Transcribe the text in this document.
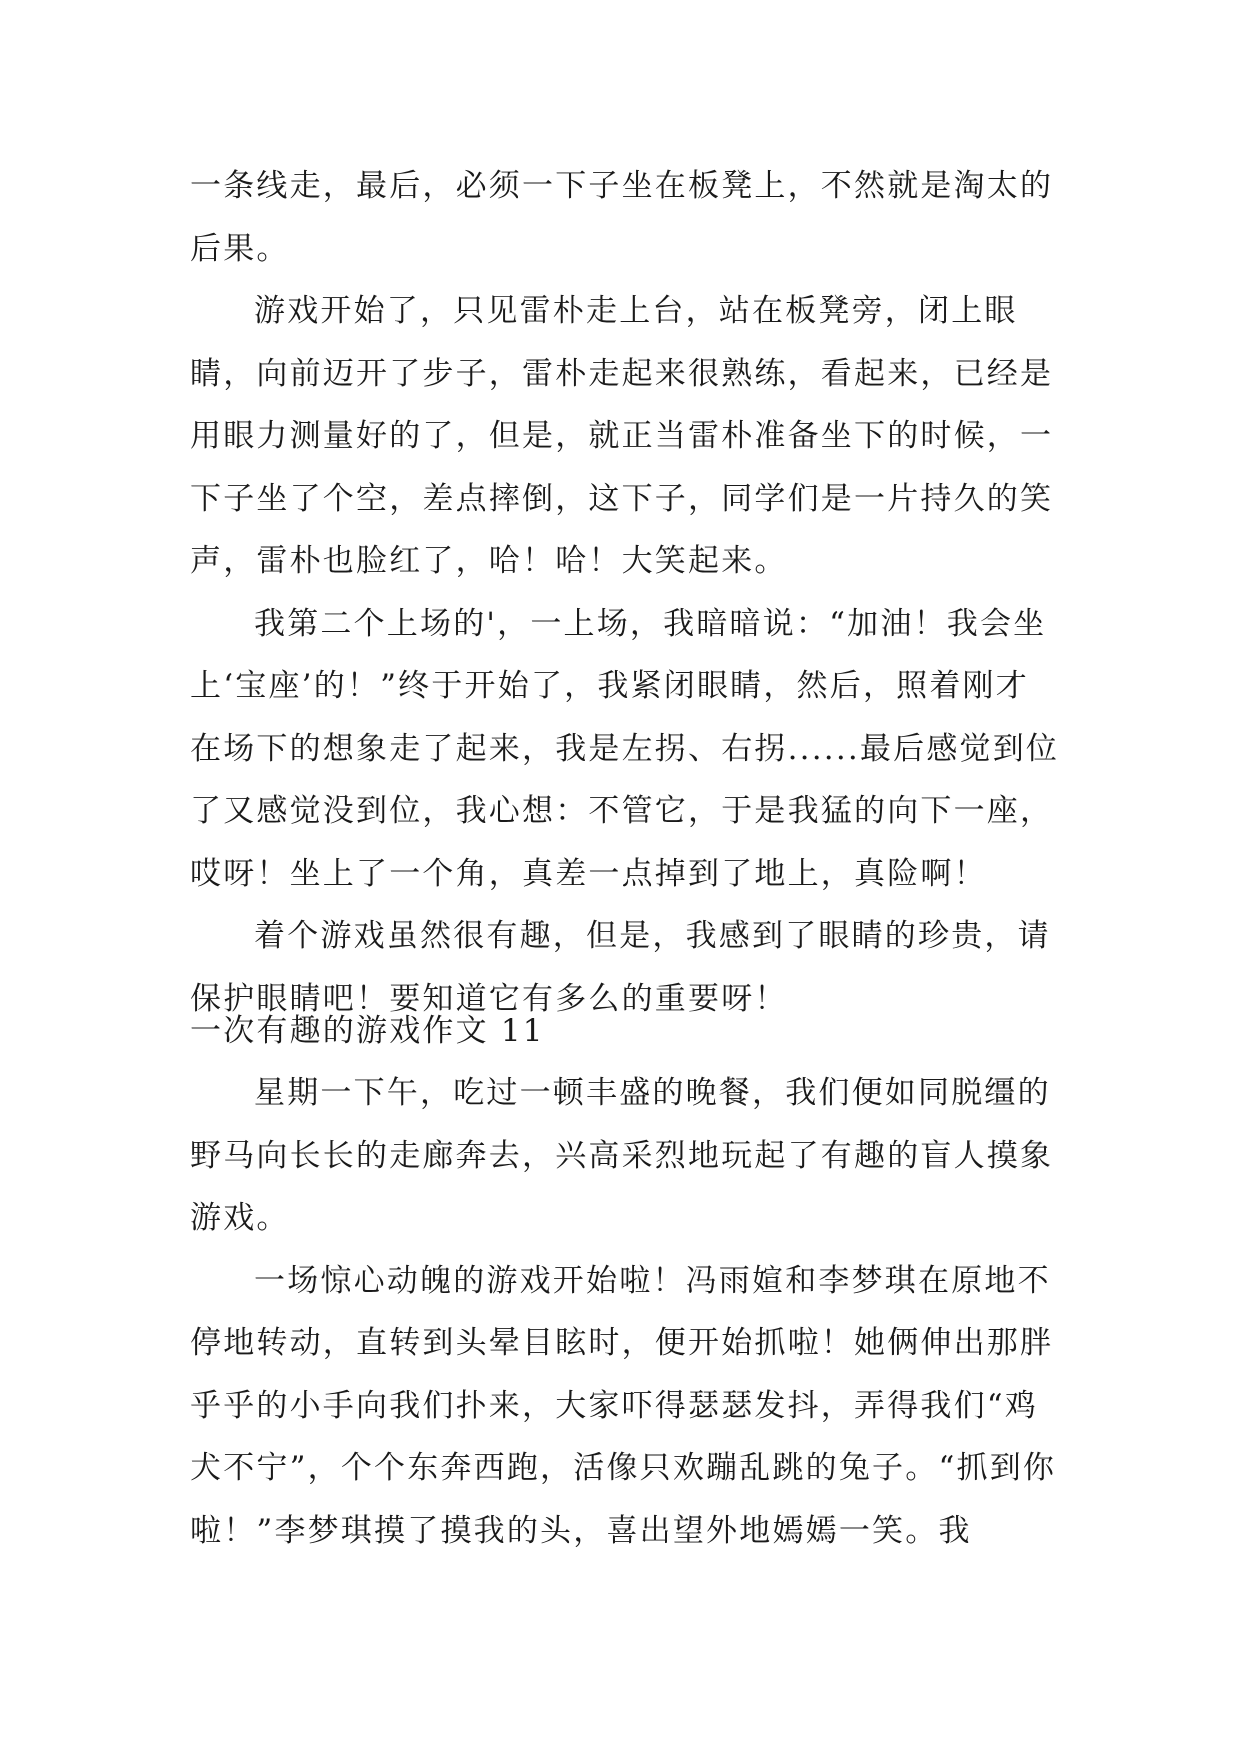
一条线走，最后，必须一下子坐在板凳上，不然就是淘太的后果。

游戏开始了，只见雷朴走上台，站在板凳旁，闭上眼睛，向前迈开了步子，雷朴走起来很熟练，看起来，已经是用眼力测量好的了，但是，就正当雷朴准备坐下的时候，一下子坐了个空，差点摔倒，这下子，同学们是一片持久的笑声，雷朴也脸红了，哈！哈！大笑起来。

我第二个上场的'，一上场，我暗暗说：“加油！我会坐上‘宝座’的！”终于开始了，我紧闭眼睛，然后，照着刚才在场下的想象走了起来，我是左拐、右拐......最后感觉到位了又感觉没到位，我心想：不管它，于是我猛的向下一座，哎呀！坐上了一个角，真差一点掉到了地上，真险啊！

着个游戏虽然很有趣，但是，我感到了眼睛的珍贵，请保护眼睛吧！要知道它有多么的重要呀！

一次有趣的游戏作文 11

星期一下午，吃过一顿丰盛的晚餐，我们便如同脱缰的野马向长长的走廊奔去，兴高采烈地玩起了有趣的盲人摸象游戏。

一场惊心动魄的游戏开始啦！冯雨媗和李梦琪在原地不停地转动，直转到头晕目眩时，便开始抓啦！她俩伸出那胖乎乎的小手向我们扑来，大家吓得瑟瑟发抖，弄得我们“鸡犬不宁”，个个东奔西跑，活像只欢蹦乱跳的兔子。“抓到你啦！”李梦琪摸了摸我的头，喜出望外地嫣嫣一笑。我
